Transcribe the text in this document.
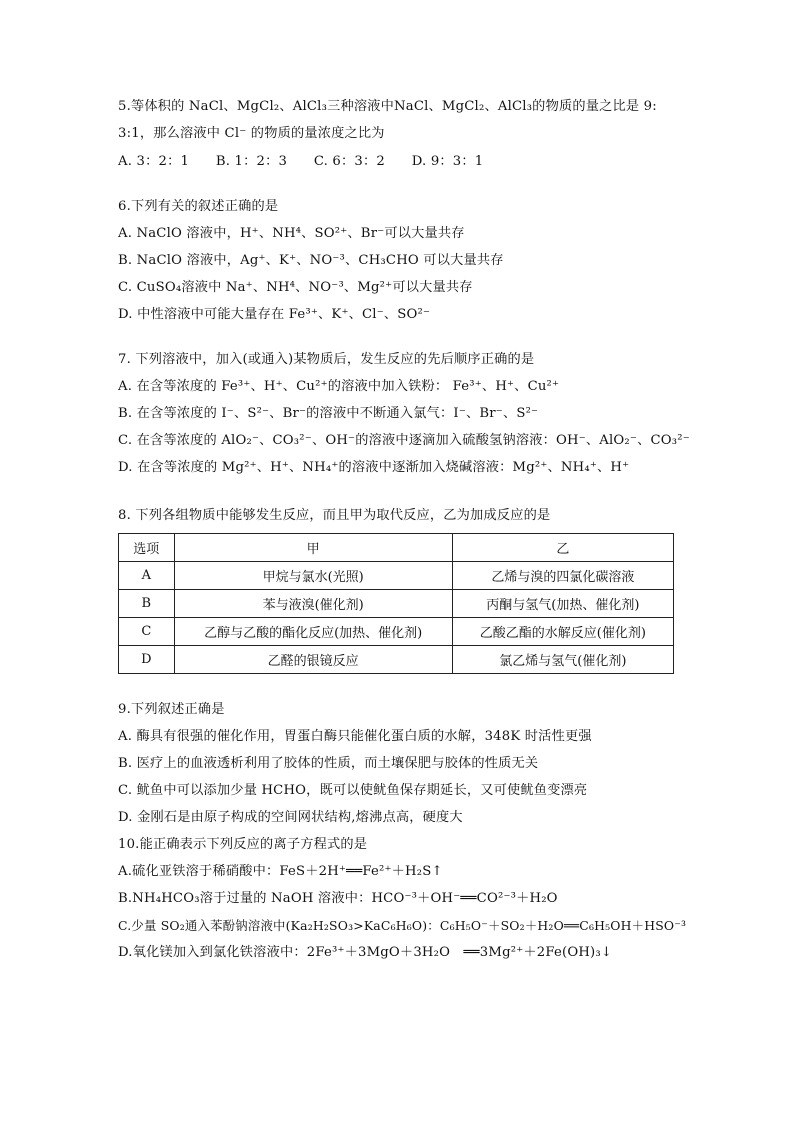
5.等体积的 NaCl、MgCl₂、AlCl₃三种溶液中NaCl、MgCl₂、AlCl₃的物质的量之比是 9:
3:1，那么溶液中 Cl⁻ 的物质的量浓度之比为
A. 3：2：1　　B. 1：2：3　　C. 6：3：2　　D. 9：3：1
6.下列有关的叙述正确的是
A. NaClO 溶液中，H⁺、NH⁴、SO²⁺、Br⁻可以大量共存
B. NaClO 溶液中，Ag⁺、K⁺、NO⁻³、CH₃CHO 可以大量共存
C. CuSO₄溶液中 Na⁺、NH⁴、NO⁻³、Mg²⁺可以大量共存
D. 中性溶液中可能大量存在 Fe³⁺、K⁺、Cl⁻、SO²⁻
7. 下列溶液中，加入(或通入)某物质后，发生反应的先后顺序正确的是
A. 在含等浓度的 Fe³⁺、H⁺、Cu²⁺的溶液中加入铁粉： Fe³⁺、H⁺、Cu²⁺
B. 在含等浓度的 I⁻、S²⁻、Br⁻的溶液中不断通入氯气：I⁻、Br⁻、S²⁻
C. 在含等浓度的 AlO₂⁻、CO₃²⁻、OH⁻的溶液中逐滴加入硫酸氢钠溶液：OH⁻、AlO₂⁻、CO₃²⁻
D. 在含等浓度的 Mg²⁺、H⁺、NH₄⁺的溶液中逐渐加入烧碱溶液：Mg²⁺、NH₄⁺、H⁺
8. 下列各组物质中能够发生反应，而且甲为取代反应，乙为加成反应的是
选项	甲	乙
A	甲烷与氯水(光照)	乙烯与溴的四氯化碳溶液
B	苯与液溴(催化剂)	丙酮与氢气(加热、催化剂)
C	乙醇与乙酸的酯化反应(加热、催化剂)	乙酸乙酯的水解反应(催化剂)
D	乙醛的银镜反应	氯乙烯与氢气(催化剂)
9.下列叙述正确是
A. 酶具有很强的催化作用，胃蛋白酶只能催化蛋白质的水解，348K 时活性更强
B. 医疗上的血液透析利用了胶体的性质，而土壤保肥与胶体的性质无关
C. 鱿鱼中可以添加少量 HCHO，既可以使鱿鱼保存期延长，又可使鱿鱼变漂亮
D. 金刚石是由原子构成的空间网状结构,熔沸点高，硬度大
10.能正确表示下列反应的离子方程式的是
A.硫化亚铁溶于稀硝酸中：FeS＋2H⁺══Fe²⁺＋H₂S↑
B.NH₄HCO₃溶于过量的 NaOH 溶液中：HCO⁻³＋OH⁻══CO²⁻³＋H₂O
C.少量 SO₂通入苯酚钠溶液中(Ka₂H₂SO₃>KaC₆H₆O)：C₆H₅O⁻＋SO₂＋H₂O══C₆H₅OH＋HSO⁻³
D.氧化镁加入到氯化铁溶液中：2Fe³⁺＋3MgO＋3H₂O　══3Mg²⁺＋2Fe(OH)₃↓
